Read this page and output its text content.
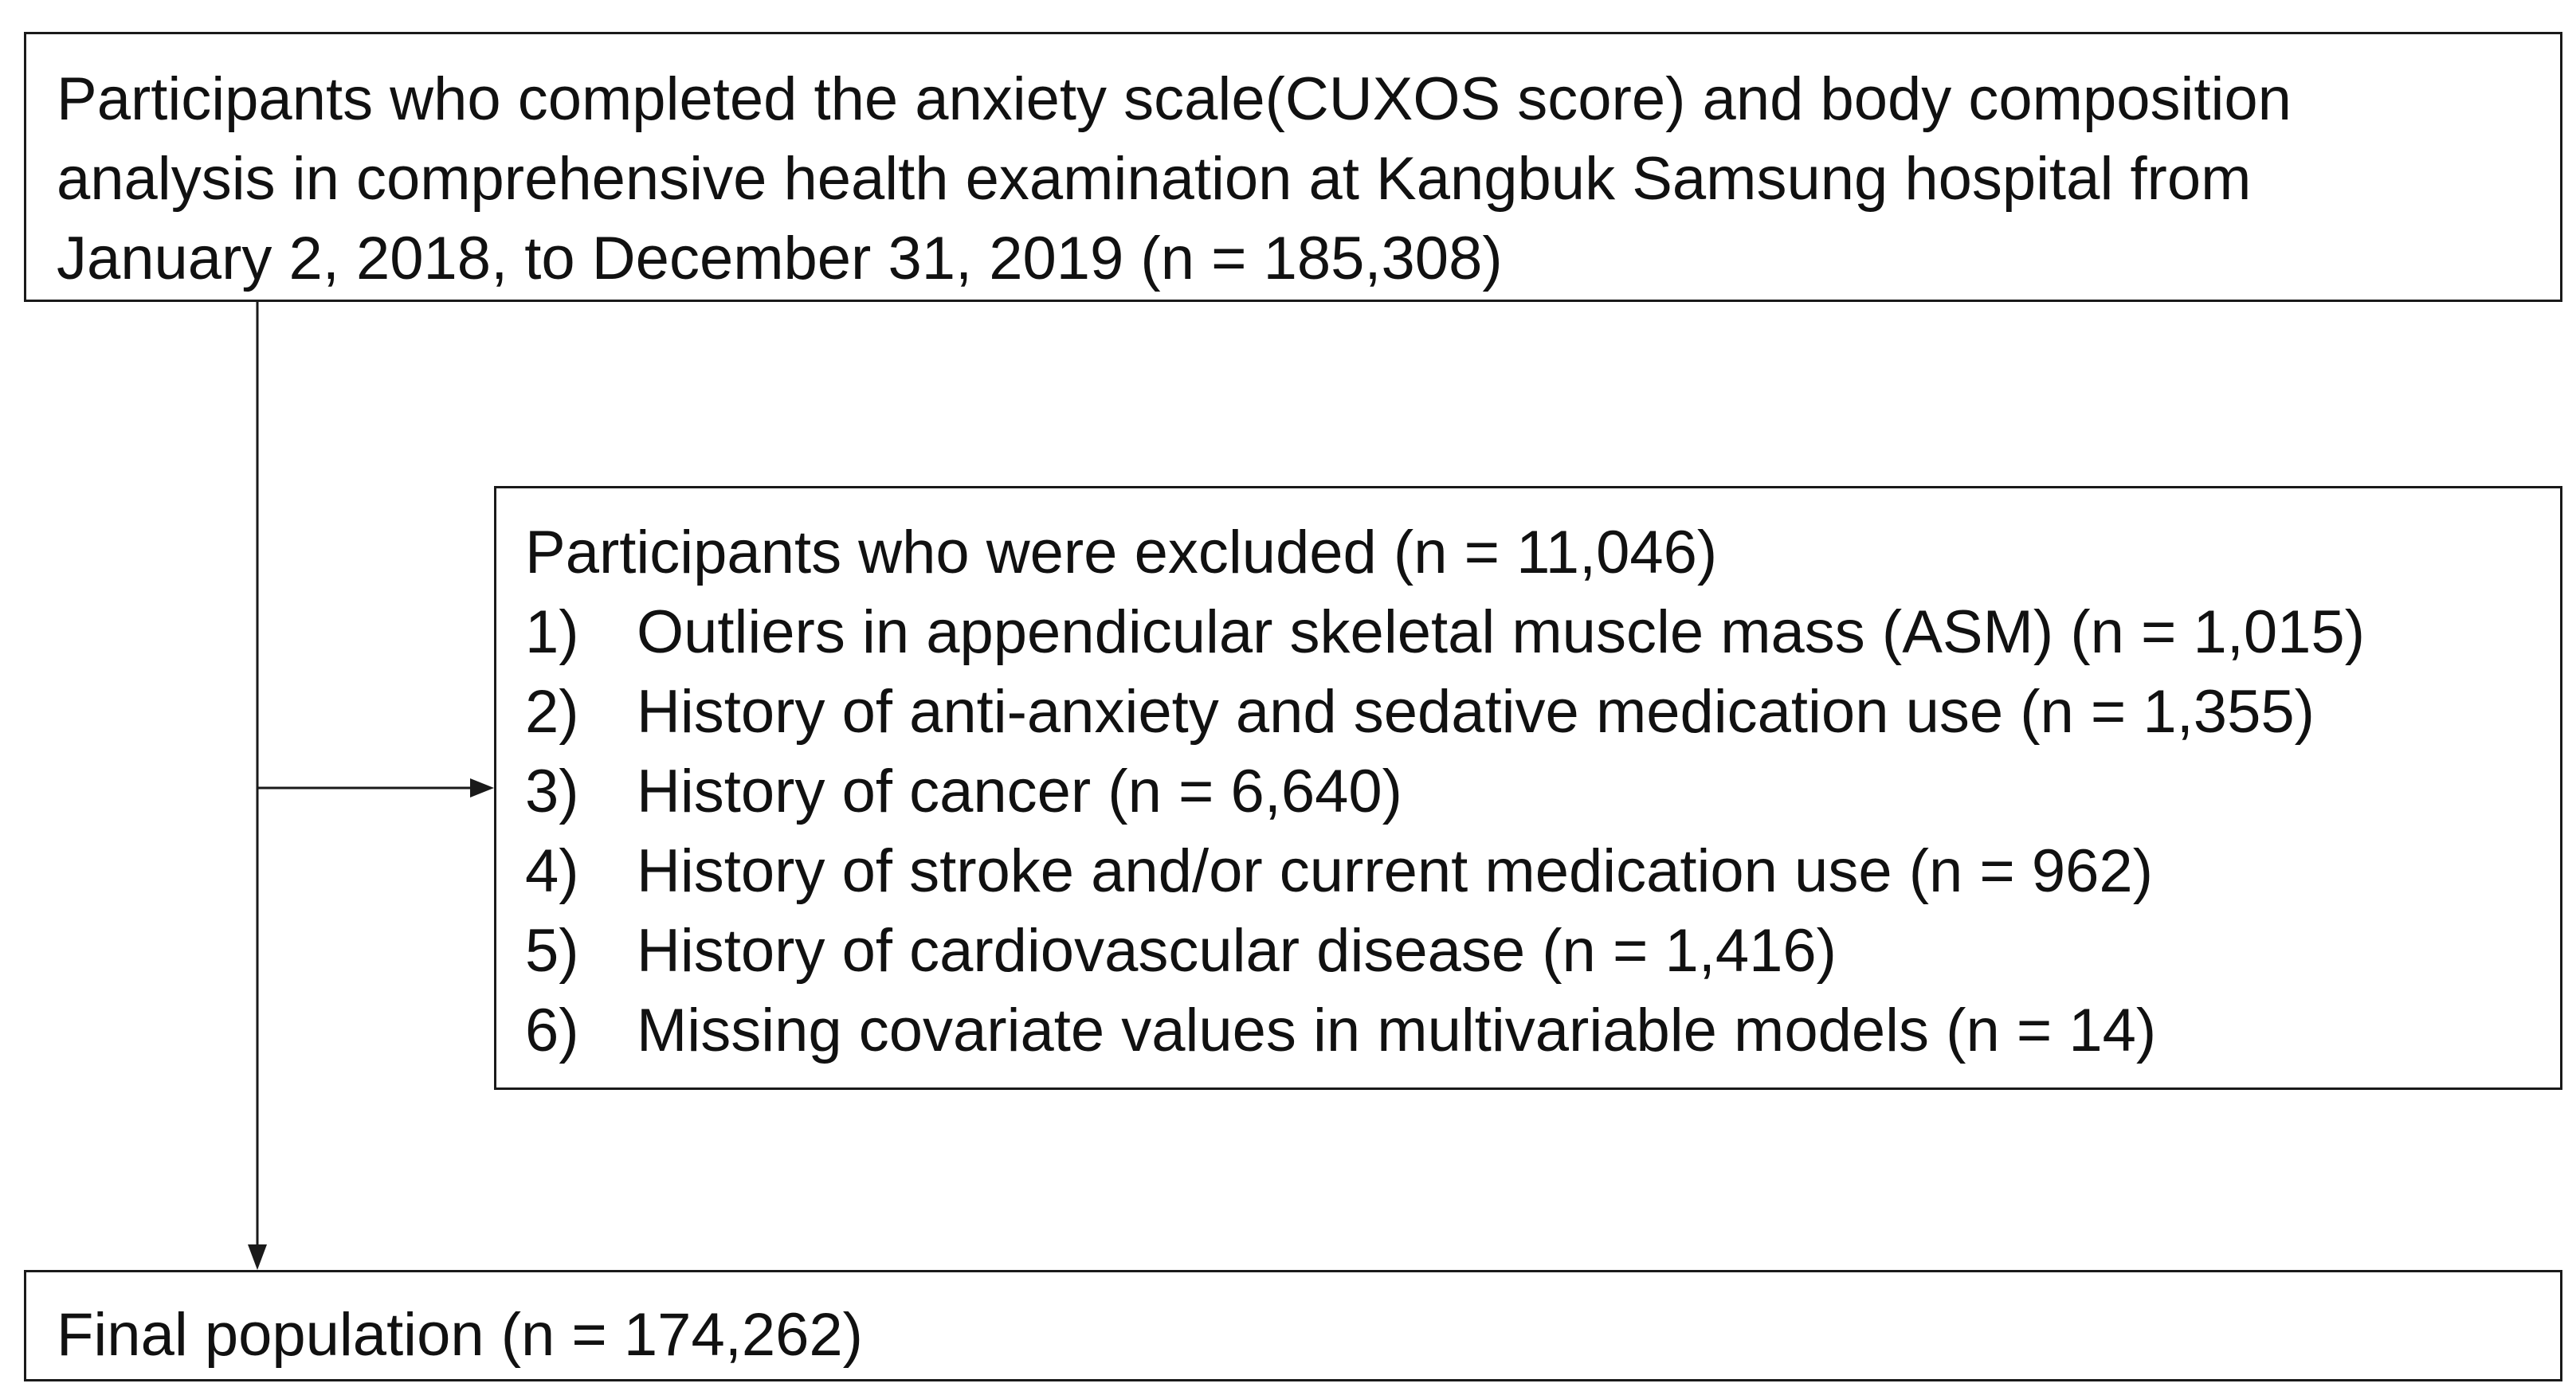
Participants who completed the anxiety scale(CUXOS score) and body composition
analysis in comprehensive health examination at Kangbuk Samsung hospital from
January 2, 2018, to December 31, 2019 (n = 185,308)
Participants who were excluded (n = 11,046)
1) Outliers in appendicular skeletal muscle mass (ASM) (n = 1,015)
2) History of anti-anxiety and sedative medication use (n = 1,355)
3) History of cancer (n = 6,640)
4) History of stroke and/or current medication use (n = 962)
5) History of cardiovascular disease (n = 1,416)
6) Missing covariate values in multivariable models (n = 14)
Final population (n = 174,262)
